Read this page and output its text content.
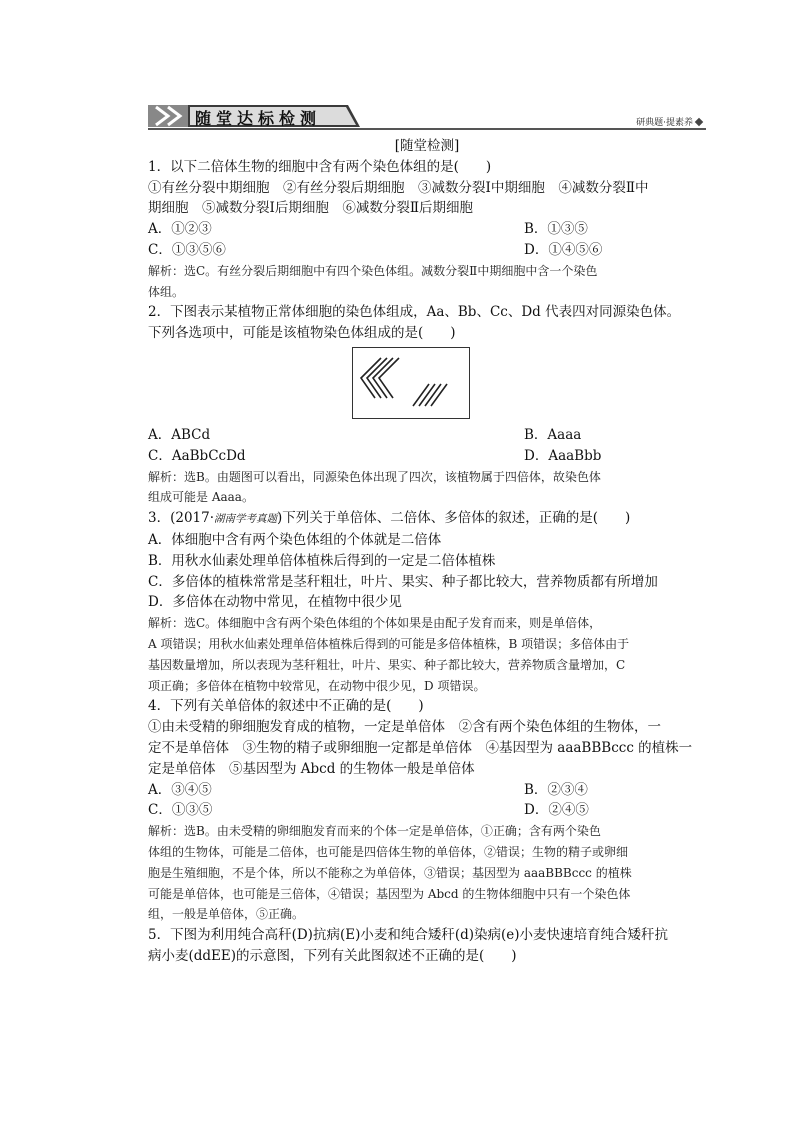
随堂达标检测	研典题·提素养
[随堂检测]
1．以下二倍体生物的细胞中含有两个染色体组的是(　　)
①有丝分裂中期细胞　②有丝分裂后期细胞　③减数分裂Ⅰ中期细胞　④减数分裂Ⅱ中
期细胞　⑤减数分裂Ⅰ后期细胞　⑥减数分裂Ⅱ后期细胞
A．①②③	B．①③⑤
C．①③⑤⑥	D．①④⑤⑥
解析：选C。有丝分裂后期细胞中有四个染色体组。减数分裂Ⅱ中期细胞中含一个染色
体组。
2．下图表示某植物正常体细胞的染色体组成，Aa、Bb、Cc、Dd 代表四对同源染色体。
下列各选项中，可能是该植物染色体组成的是(　　)
A．ABCd	B．Aaaa
C．AaBbCcDd	D．AaaBbb
解析：选B。由题图可以看出，同源染色体出现了四次，该植物属于四倍体，故染色体
组成可能是 Aaaa。
3．(2017·湖南学考真题)下列关于单倍体、二倍体、多倍体的叙述，正确的是(　　)
A．体细胞中含有两个染色体组的个体就是二倍体
B．用秋水仙素处理单倍体植株后得到的一定是二倍体植株
C．多倍体的植株常常是茎秆粗壮，叶片、果实、种子都比较大，营养物质都有所增加
D．多倍体在动物中常见，在植物中很少见
解析：选C。体细胞中含有两个染色体组的个体如果是由配子发育而来，则是单倍体，
A 项错误；用秋水仙素处理单倍体植株后得到的可能是多倍体植株，B 项错误；多倍体由于
基因数量增加，所以表现为茎秆粗壮，叶片、果实、种子都比较大，营养物质含量增加，C
项正确；多倍体在植物中较常见，在动物中很少见，D 项错误。
4．下列有关单倍体的叙述中不正确的是(　　)
①由未受精的卵细胞发育成的植物，一定是单倍体　②含有两个染色体组的生物体，一
定不是单倍体　③生物的精子或卵细胞一定都是单倍体　④基因型为 aaaBBBccc 的植株一
定是单倍体　⑤基因型为 Abcd 的生物体一般是单倍体
A．③④⑤	B．②③④
C．①③⑤	D．②④⑤
解析：选B。由未受精的卵细胞发育而来的个体一定是单倍体，①正确；含有两个染色
体组的生物体，可能是二倍体，也可能是四倍体生物的单倍体，②错误；生物的精子或卵细
胞是生殖细胞，不是个体，所以不能称之为单倍体，③错误；基因型为 aaaBBBccc 的植株
可能是单倍体，也可能是三倍体，④错误；基因型为 Abcd 的生物体细胞中只有一个染色体
组，一般是单倍体，⑤正确。
5．下图为利用纯合高秆(D)抗病(E)小麦和纯合矮秆(d)染病(e)小麦快速培育纯合矮秆抗
病小麦(ddEE)的示意图，下列有关此图叙述不正确的是(　　)
